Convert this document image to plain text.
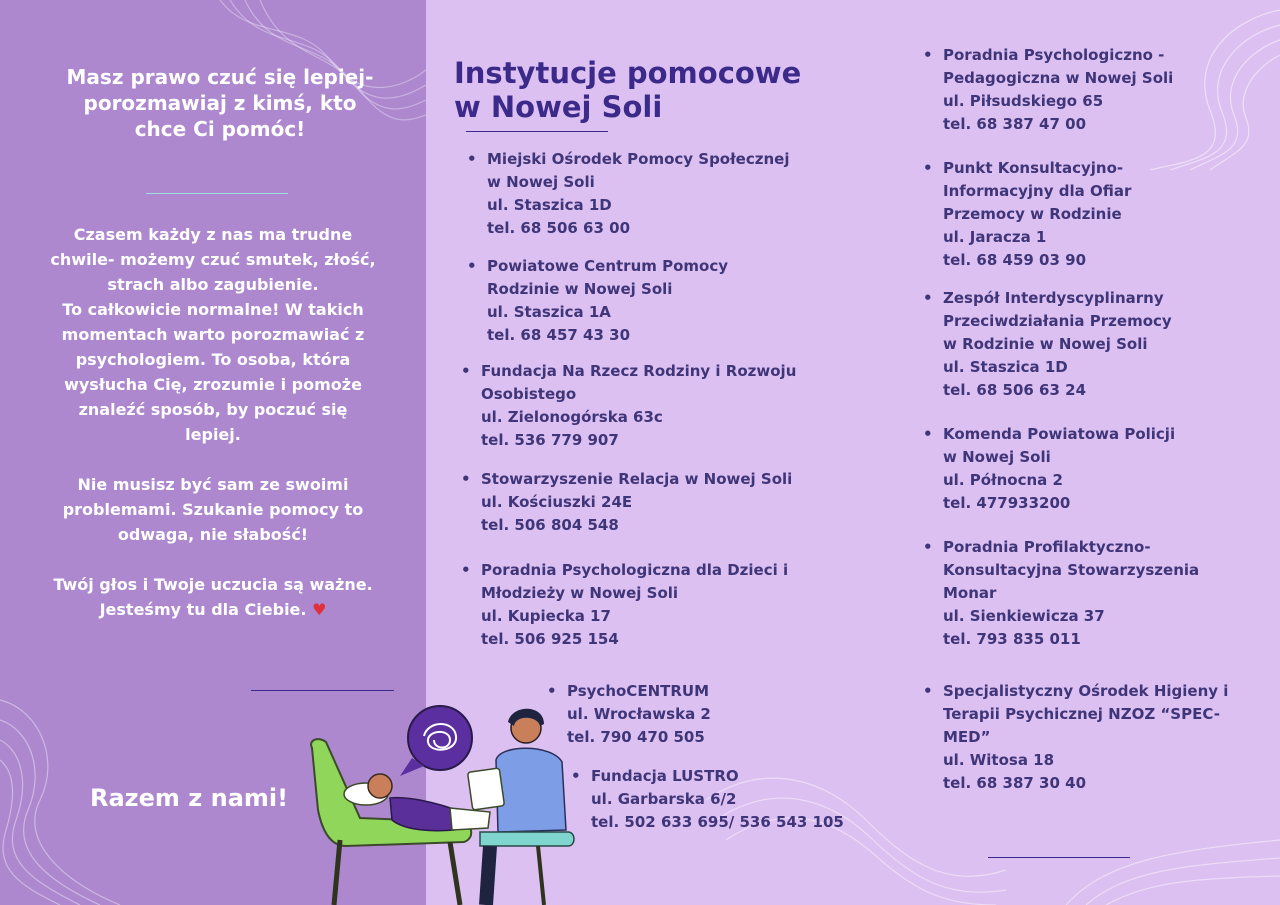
Masz prawo czuć się lepiej- porozmawiaj z kimś, kto chce Ci pomóc!
Czasem każdy z nas ma trudne chwile- możemy czuć smutek, złość, strach albo zagubienie.
To całkowicie normalne! W takich momentach warto porozmawiać z psychologiem. To osoba, która wysłucha Cię, zrozumie i pomoże znaleźć sposób, by poczuć się lepiej.

Nie musisz być sam ze swoimi problemami. Szukanie pomocy to odwaga, nie słabość!

Twój głos i Twoje uczucia są ważne. Jesteśmy tu dla Ciebie. ♥
Razem z nami!
Instytucje pomocowe w Nowej Soli
• Miejski Ośrodek Pomocy Społecznej
w Nowej Soli
ul. Staszica 1D
tel. 68 506 63 00
• Powiatowe Centrum Pomocy
Rodzinie w Nowej Soli
ul. Staszica 1A
tel. 68 457 43 30
• Fundacja Na Rzecz Rodziny i Rozwoju
Osobistego
ul. Zielonogórska 63c
tel. 536 779 907
• Stowarzyszenie Relacja w Nowej Soli
ul. Kościuszki 24E
tel. 506 804 548
• Poradnia Psychologiczna dla Dzieci i
Młodzieży w Nowej Soli
ul. Kupiecka 17
tel. 506 925 154
• PsychoCENTRUM
ul. Wrocławska 2
tel. 790 470 505
• Fundacja LUSTRO
ul. Garbarska 6/2
tel. 502 633 695/ 536 543 105
• Poradnia Psychologiczno -
Pedagogiczna w Nowej Soli
ul. Piłsudskiego 65
tel. 68 387 47 00
• Punkt Konsultacyjno-
Informacyjny dla Ofiar
Przemocy w Rodzinie
ul. Jaracza 1
tel. 68 459 03 90
• Zespół Interdyscyplinarny
Przeciwdziałania Przemocy
w Rodzinie w Nowej Soli
ul. Staszica 1D
tel. 68 506 63 24
• Komenda Powiatowa Policji
w Nowej Soli
ul. Północna 2
tel. 477933200
• Poradnia Profilaktyczno-
Konsultacyjna Stowarzyszenia
Monar
ul. Sienkiewicza 37
tel. 793 835 011
• Specjalistyczny Ośrodek Higieny i
Terapii Psychicznej NZOZ “SPEC-
MED”
ul. Witosa 18
tel. 68 387 30 40
